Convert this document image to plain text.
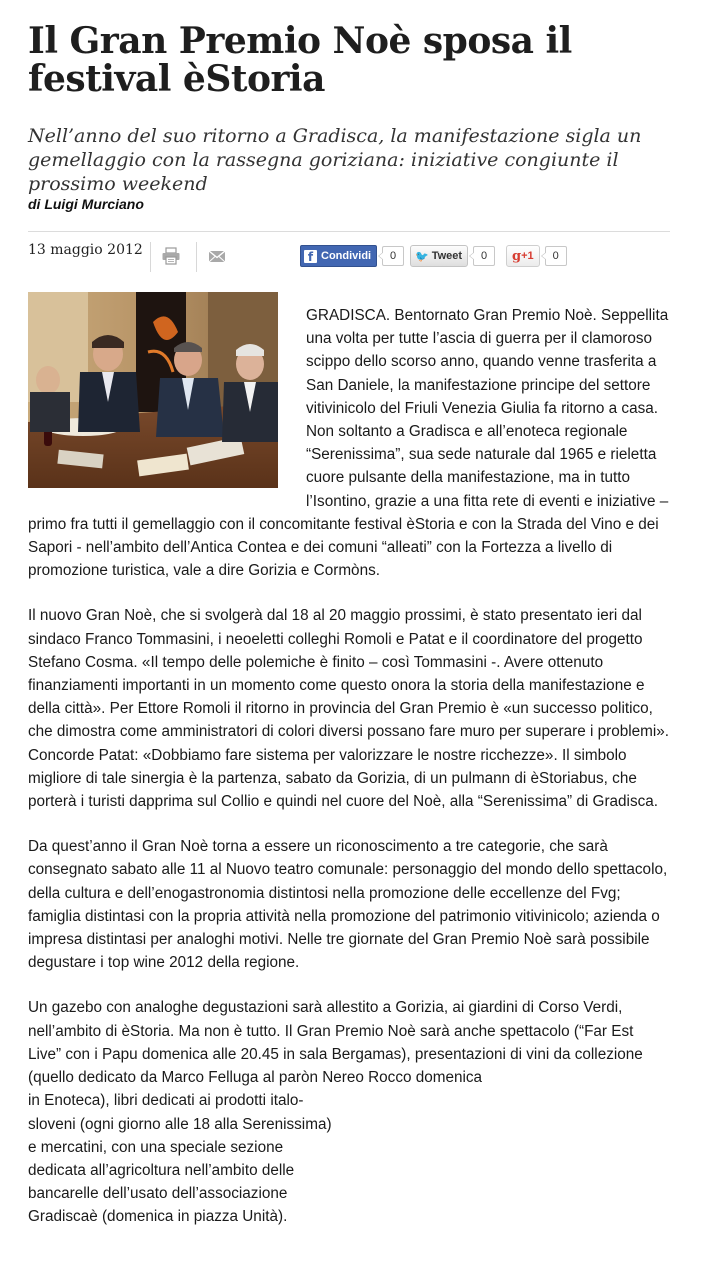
Il Gran Premio Noè sposa il festival èStoria
Nell’anno del suo ritorno a Gradisca, la manifestazione sigla un gemellaggio con la rassegna goriziana: iniziative congiunte il prossimo weekend
di Luigi Murciano
13 maggio 2012	f Condividi	0	🐦 Tweet	0	g +1	0

GRADISCA. Bentornato Gran Premio Noè. Seppellita una volta per tutte l’ascia di guerra per il clamoroso scippo dello scorso anno, quando venne trasferita a San Daniele, la manifestazione principe del settore vitivinicolo del Friuli Venezia Giulia fa ritorno a casa. Non soltanto a Gradisca e all’enoteca regionale “Serenissima”, sua sede naturale dal 1965 e rieletta cuore pulsante della manifestazione, ma in tutto l’Isontino, grazie a una fitta rete di eventi e iniziative – primo fra tutti il gemellaggio con il concomitante festival èStoria e con la Strada del Vino e dei Sapori - nell’ambito dell’Antica Contea e dei comuni “alleati” con la Fortezza a livello di promozione turistica, vale a dire Gorizia e Cormòns.

Il nuovo Gran Noè, che si svolgerà dal 18 al 20 maggio prossimi, è stato presentato ieri dal sindaco Franco Tommasini, i neoeletti colleghi Romoli e Patat e il coordinatore del progetto Stefano Cosma. «Il tempo delle polemiche è finito – così Tommasini -. Avere ottenuto finanziamenti importanti in un momento come questo onora la storia della manifestazione e della città». Per Ettore Romoli il ritorno in provincia del Gran Premio è «un successo politico, che dimostra come amministratori di colori diversi possano fare muro per superare i problemi». Concorde Patat: «Dobbiamo fare sistema per valorizzare le nostre ricchezze». Il simbolo migliore di tale sinergia è la partenza, sabato da Gorizia, di un pulmann di èStoriabus, che porterà i turisti dapprima sul Collio e quindi nel cuore del Noè, alla “Serenissima” di Gradisca.

Da quest’anno il Gran Noè torna a essere un riconoscimento a tre categorie, che sarà consegnato sabato alle 11 al Nuovo teatro comunale: personaggio del mondo dello spettacolo, della cultura e dell’enogastronomia distintosi nella promozione delle eccellenze del Fvg; famiglia distintasi con la propria attività nella promozione del patrimonio vitivinicolo; azienda o impresa distintasi per analoghi motivi. Nelle tre giornate del Gran Premio Noè sarà possibile degustare i top wine 2012 della regione.

Un gazebo con analoghe degustazioni sarà allestito a Gorizia, ai giardini di Corso Verdi, nell’ambito di èStoria. Ma non è tutto. Il Gran Premio Noè sarà anche spettacolo (“Far Est Live” con i Papu domenica alle 20.45 in sala Bergamas), presentazioni di vini da collezione (quello dedicato da Marco Felluga al paròn Nereo Rocco domenica

in Enoteca), libri dedicati ai prodotti italo-
sloveni (ogni giorno alle 18 alla Serenissima)
e mercatini, con una speciale sezione
dedicata all’agricoltura nell’ambito delle
bancarelle dell’usato dell’associazione
Gradiscaè (domenica in piazza Unità).
